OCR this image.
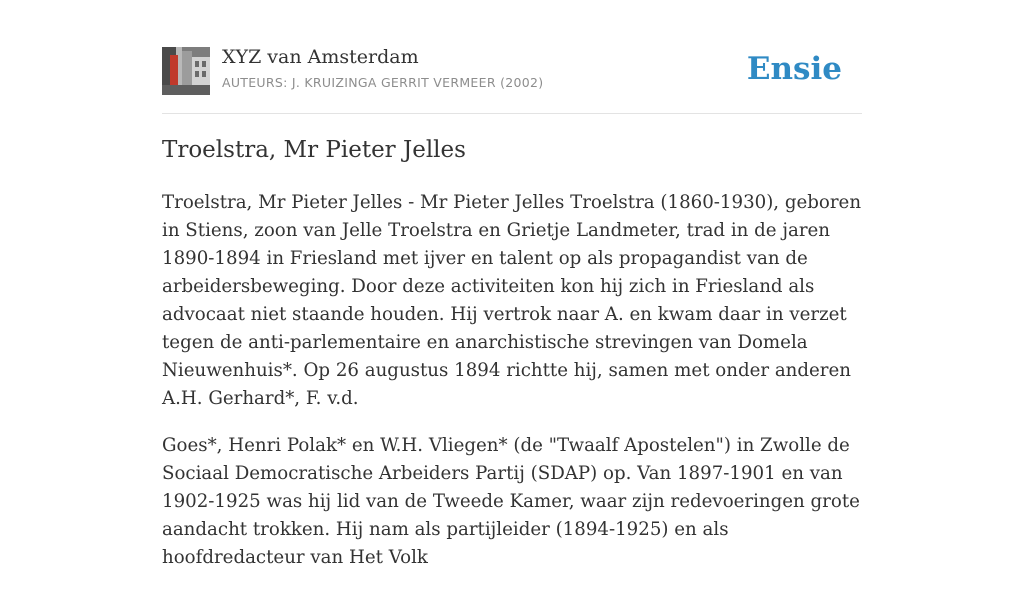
XYZ van Amsterdam
AUTEURS: J. KRUIZINGA GERRIT VERMEER (2002)	Ensie
Troelstra, Mr Pieter Jelles

Troelstra, Mr Pieter Jelles - Mr Pieter Jelles Troelstra (1860-1930), geboren in Stiens, zoon van Jelle Troelstra en Grietje Landmeter, trad in de jaren 1890-1894 in Friesland met ijver en talent op als propagandist van de arbeidersbeweging. Door deze activiteiten kon hij zich in Friesland als advocaat niet staande houden. Hij vertrok naar A. en kwam daar in verzet tegen de anti-parlementaire en anarchistische strevingen van Domela Nieuwenhuis*. Op 26 augustus 1894 richtte hij, samen met onder anderen A.H. Gerhard*, F. v.d.

Goes*, Henri Polak* en W.H. Vliegen* (de "Twaalf Apostelen") in Zwolle de Sociaal Democratische Arbeiders Partij (SDAP) op. Van 1897-1901 en van 1902-1925 was hij lid van de Tweede Kamer, waar zijn redevoeringen grote aandacht trokken. Hij nam als partijleider (1894-1925) en als hoofdredacteur van Het Volk
